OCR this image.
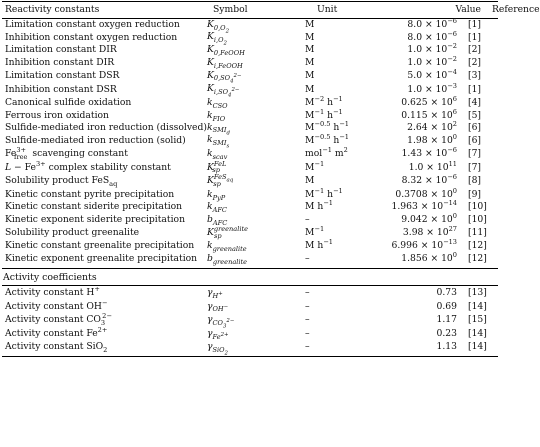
Reactivity constants	Symbol	Unit	Value	Reference
Limitation constant oxygen reduction	$K_{0,O_2}$	M	$8.0 \times 10^{-6}$	[1]
Inhibition constant oxygen reduction	$K_{i,O_2}$	M	$8.0 \times 10^{-6}$	[1]
Limitation constant DIR	$K_{0,FeOOH}$	M	$1.0 \times 10^{-2}$	[2]
Inhibition constant DIR	$K_{i,FeOOH}$	M	$1.0 \times 10^{-2}$	[2]
Limitation constant DSR	$K_{0,SO_4^{2-}}$	M	$5.0 \times 10^{-4}$	[3]
Inhibition constant DSR	$K_{i,SO_4^{2-}}$	M	$1.0 \times 10^{-3}$	[1]
Canonical sulfide oxidation	$k_{CSO}$	$M^{-2}$ $h^{-1}$	$0.625 \times 10^6$	[4]
Ferrous iron oxidation	$k_{FIO}$	$M^{-1}$ $h^{-1}$	$0.115 \times 10^6$	[5]
Sulfide-mediated iron reduction (dissolved)	$k_{SMI_d}$	$M^{-0.5}$ $h^{-1}$	$2.64 \times 10^2$	[6]
Sulfide-mediated iron reduction (solid)	$k_{SMI_s}$	$M^{-0.5}$ $h^{-1}$	$1.98 \times 10^0$	[6]
$Fe^{3+}_{free}$ scavenging constant	$k_{scav}$	mol$^{-1}$ $m^2$	$1.43 \times 10^{-6}$	[7]
$L - Fe^{3+}$ complex stability constant	$K^{FeL}_{sp}$	$M^{-1}$	$1.0 \times 10^{11}$	[7]
Solubility product FeS$_{aq}$	$K^{FeS_{aq}}_{sp}$	M	$8.32 \times 10^{-6}$	[8]
Kinetic constant pyrite precipitation	$k_{PyP}$	$M^{-1}$ $h^{-1}$	$0.3708 \times 10^0$	[9]
Kinetic constant siderite precipitation	$k_{AFC}$	M $h^{-1}$	$1.963 \times 10^{-14}$	[10]
Kinetic exponent siderite precipitation	$b_{AFC}$	–	$9.042 \times 10^0$	[10]
Solubility product greenalite	$K^{greenalite}_{sp}$	$M^{-1}$	$3.98 \times 10^{27}$	[11]
Kinetic constant greenalite precipitation	$k_{greenalite}$	M $h^{-1}$	$6.996 \times 10^{-13}$	[12]
Kinetic exponent greenalite precipitation	$b_{greenalite}$	–	$1.856 \times 10^0$	[12]
Activity coefficients
Activity constant H+	$\gamma_{H^+}$	–	0.73	[13]
Activity constant OH−	$\gamma_{OH^-}$	–	0.69	[14]
Activity constant $CO_3^{2-}$	$\gamma_{CO_3^{2-}}$	–	1.17	[15]
Activity constant $Fe^{2+}$	$\gamma_{Fe^{2+}}$	–	0.23	[14]
Activity constant SiO$_2$	$\gamma_{SiO_2}$	–	1.13	[14]
